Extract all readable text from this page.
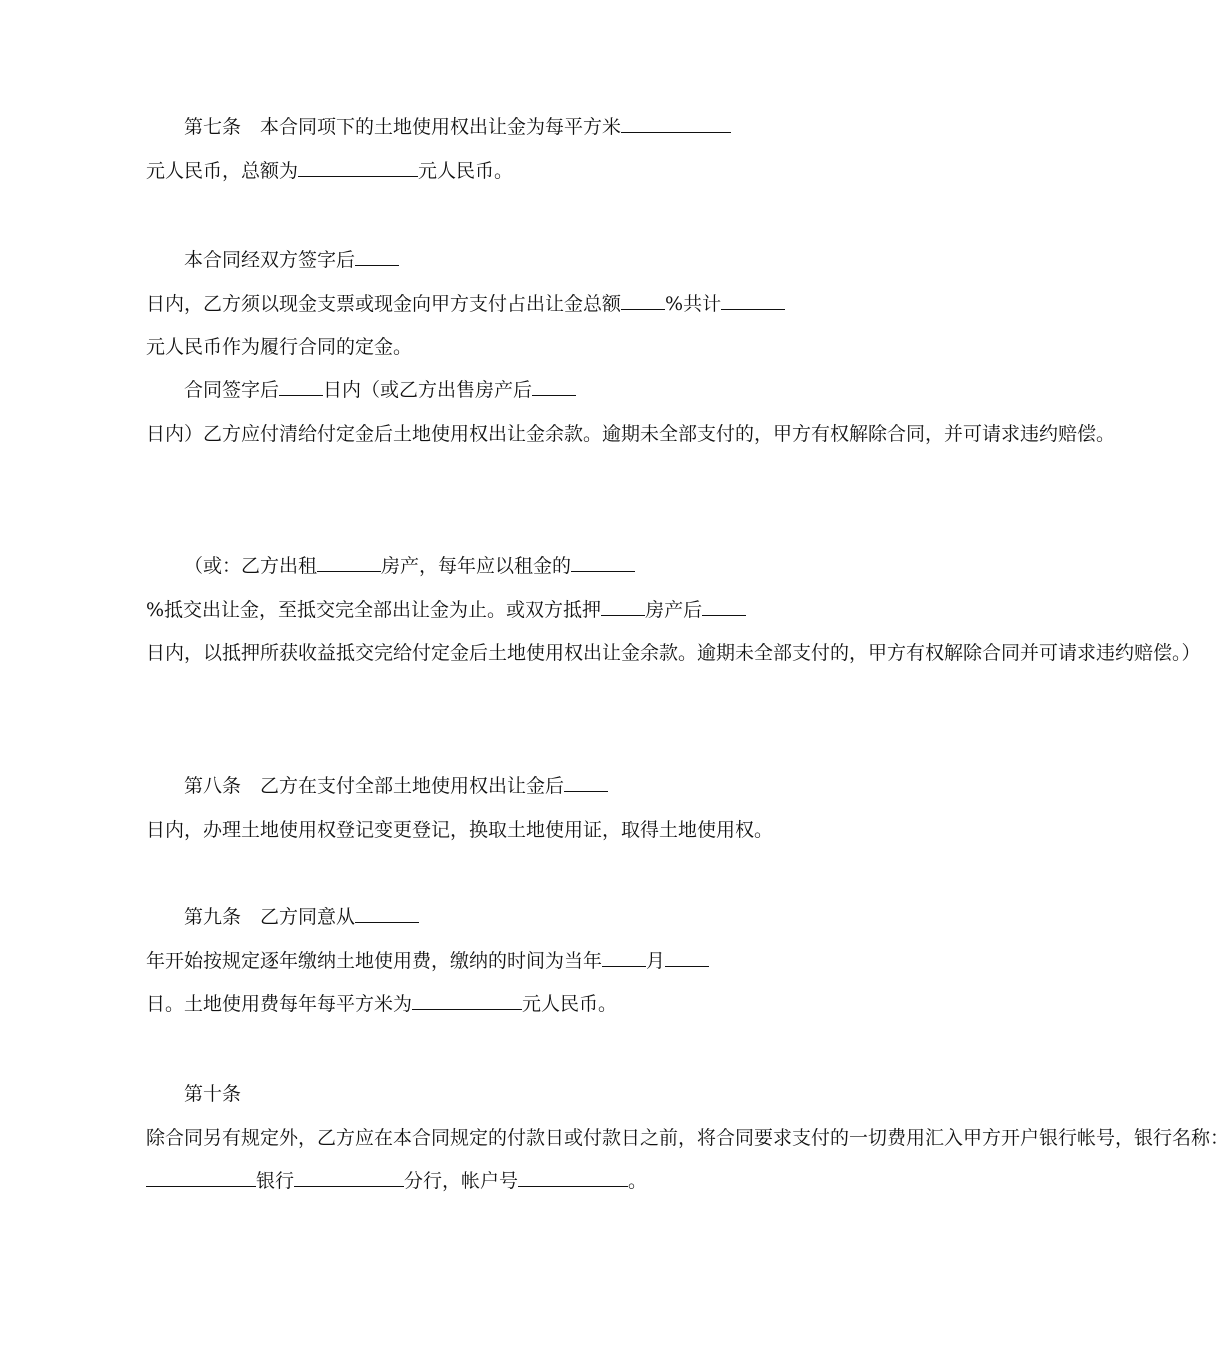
第七条　 本合同项下的土地使用权出让金为每平方米元人民币，总额为	元人民币。

本合同经双方签字后日内，乙方须以现金支票或现金向甲方支付占出让金总额 %共计元人民币作为履行合同的定金。

合同签字后 日内（或乙方出售房产后日内）乙方应付清给付定金后土地使用权出让金余款。逾期未全部支付的，甲方有权解除合同，并可请求违约赔偿。

（或：乙方出租	房产，每年应以租金的%抵交出让金，至抵交完全部出让金为止。或双方抵押 房产后日内，以抵押所获收益抵交完给付定金后土地使用权出让金余款。逾期未全部支付的，甲方有权解除合同并可请求违约赔偿。）

第八条　 乙方在支付全部土地使用权出让金后日内，办理土地使用权登记变更登记，换取土地使用证，取得土地使用权。

第九条　 乙方同意从年开始按规定逐年缴纳土地使用费，缴纳的时间为当年 月日。土地使用费每年每平方米为	元人民币。

第十条　除合同另有规定外，乙方应在本合同规定的付款日或付款日之前，将合同要求支付的一切费用汇入甲方开户银行帐号，银行名称：银行	分行，帐户号	。
